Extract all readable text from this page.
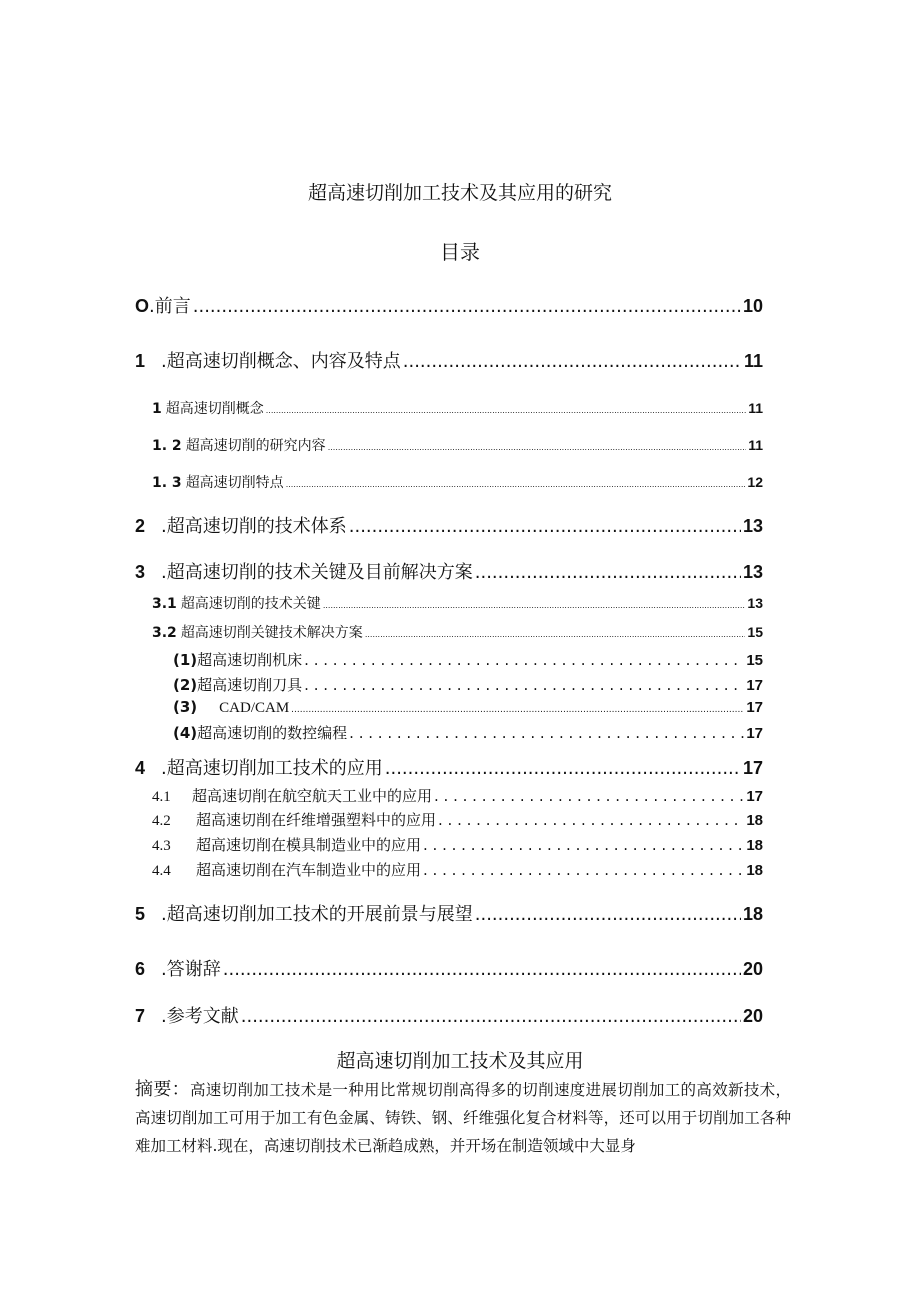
超高速切削加工技术及其应用的研究
目录
O .前言 .....	10
1 .超高速切削概念、内容及特点 .....	11
1 超高速切削概念 .....	11
1. 2 超高速切削的研究内容 .....	11
1. 3 超高速切削特点 .....	12
2 .超高速切削的技术体系 .....	13
3 .超高速切削的技术关键及目前解决方案 .....	13
3.1 超高速切削的技术关键 .....	13
3.2 超高速切削关键技术解决方案 .....	15
(1) 超高速切削机床 . . .	15
(2) 超高速切削刀具 . . .	17
(3) CAD/CAM .....	17
(4) 超高速切削的数控编程 . . .	17
4 .超高速切削加工技术的应用 .....	17
4.1	超高速切削在航空航天工业中的应用 . . .	17
4.2	超高速切削在纤维增强塑料中的应用 . . .	18
4.3	超高速切削在模具制造业中的应用 . . .	18
4.4	超高速切削在汽车制造业中的应用 . . .	18
5 .超高速切削加工技术的开展前景与展望 .....	18
6 .答谢辞 .....	20
7 .参考文献 .....	20
超高速切削加工技术及其应用
摘要：高速切削加工技术是一种用比常规切削高得多的切削速度进展切削加工的高效新技术，高速切削加工可用于加工有色金属、铸铁、钢、纤维强化复合材料等，还可以用于切削加工各种难加工材料.现在，高速切削技术已渐趋成熟，并开场在制造领域中大显身
